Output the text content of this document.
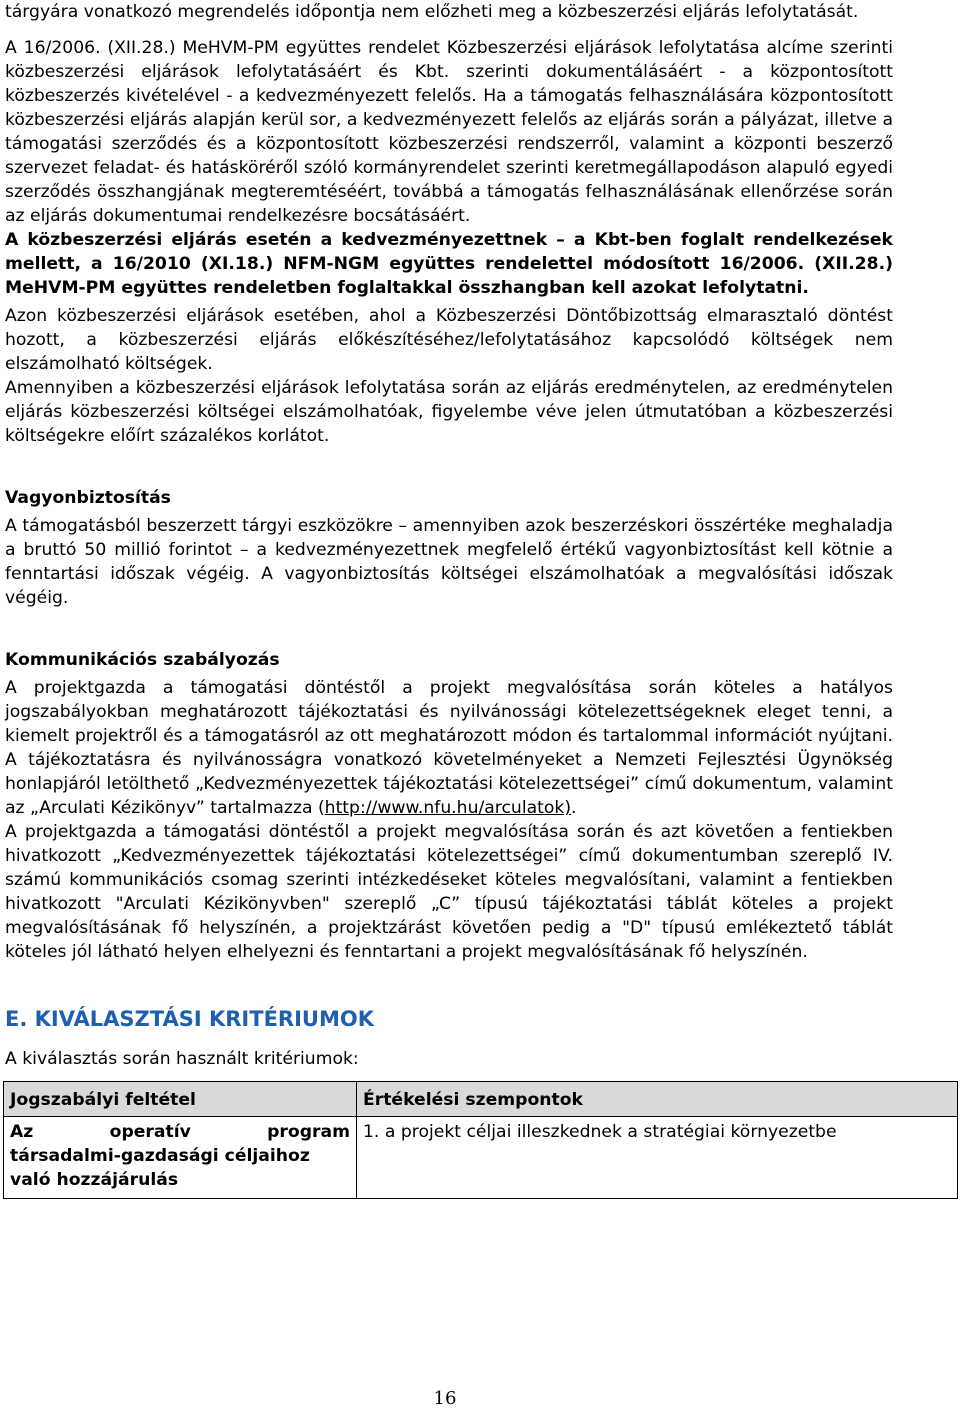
tárgyára vonatkozó megrendelés időpontja nem előzheti meg a közbeszerzési eljárás lefolytatását.

A 16/2006. (XII.28.) MeHVM-PM együttes rendelet Közbeszerzési eljárások lefolytatása alcíme szerinti közbeszerzési eljárások lefolytatásáért és Kbt. szerinti dokumentálásáért - a központosított közbeszerzés kivételével - a kedvezményezett felelős. Ha a támogatás felhasználására központosított közbeszerzési eljárás alapján kerül sor, a kedvezményezett felelős az eljárás során a pályázat, illetve a támogatási szerződés és a központosított közbeszerzési rendszerről, valamint a központi beszerző szervezet feladat- és hatásköréről szóló kormányrendelet szerinti keretmegállapodáson alapuló egyedi szerződés összhangjának megteremtéséért, továbbá a támogatás felhasználásának ellenőrzése során az eljárás dokumentumai rendelkezésre bocsátásáért.

A közbeszerzési eljárás esetén a kedvezményezettnek – a Kbt-ben foglalt rendelkezések mellett, a 16/2010 (XI.18.) NFM-NGM együttes rendelettel módosított 16/2006. (XII.28.) MeHVM-PM együttes rendeletben foglaltakkal összhangban kell azokat lefolytatni.

Azon közbeszerzési eljárások esetében, ahol a Közbeszerzési Döntőbizottság elmarasztaló döntést hozott, a közbeszerzési eljárás előkészítéséhez/lefolytatásához kapcsolódó költségek nem elszámolható költségek.

Amennyiben a közbeszerzési eljárások lefolytatása során az eljárás eredménytelen, az eredménytelen eljárás közbeszerzési költségei elszámolhatóak, figyelembe véve jelen útmutatóban a közbeszerzési költségekre előírt százalékos korlátot.

Vagyonbiztosítás

A támogatásból beszerzett tárgyi eszközökre – amennyiben azok beszerzéskori összértéke meghaladja a bruttó 50 millió forintot – a kedvezményezettnek megfelelő értékű vagyonbiztosítást kell kötnie a fenntartási időszak végéig. A vagyonbiztosítás költségei elszámolhatóak a megvalósítási időszak végéig.

Kommunikációs szabályozás

A projektgazda a támogatási döntéstől a projekt megvalósítása során köteles a hatályos jogszabályokban meghatározott tájékoztatási és nyilvánossági kötelezettségeknek eleget tenni, a kiemelt projektről és a támogatásról az ott meghatározott módon és tartalommal információt nyújtani. A tájékoztatásra és nyilvánosságra vonatkozó követelményeket a Nemzeti Fejlesztési Ügynökség honlapjáról letölthető „Kedvezményezettek tájékoztatási kötelezettségei” című dokumentum, valamint az „Arculati Kézikönyv” tartalmazza (http://www.nfu.hu/arculatok).

A projektgazda a támogatási döntéstől a projekt megvalósítása során és azt követően a fentiekben hivatkozott „Kedvezményezettek tájékoztatási kötelezettségei” című dokumentumban szereplő IV. számú kommunikációs csomag szerinti intézkedéseket köteles megvalósítani, valamint a fentiekben hivatkozott "Arculati Kézikönyvben" szereplő „C” típusú tájékoztatási táblát köteles a projekt megvalósításának fő helyszínén, a projektzárást követően pedig a "D" típusú emlékeztető táblát köteles jól látható helyen elhelyezni és fenntartani a projekt megvalósításának fő helyszínén.

E. KIVÁLASZTÁSI KRITÉRIUMOK

A kiválasztás során használt kritériumok:

Jogszabályi feltétel	Értékelési szempontok

Az operatív program
társadalmi-gazdasági céljaihoz való hozzájárulás	1. a projekt céljai illeszkednek a stratégiai környezetbe
16
